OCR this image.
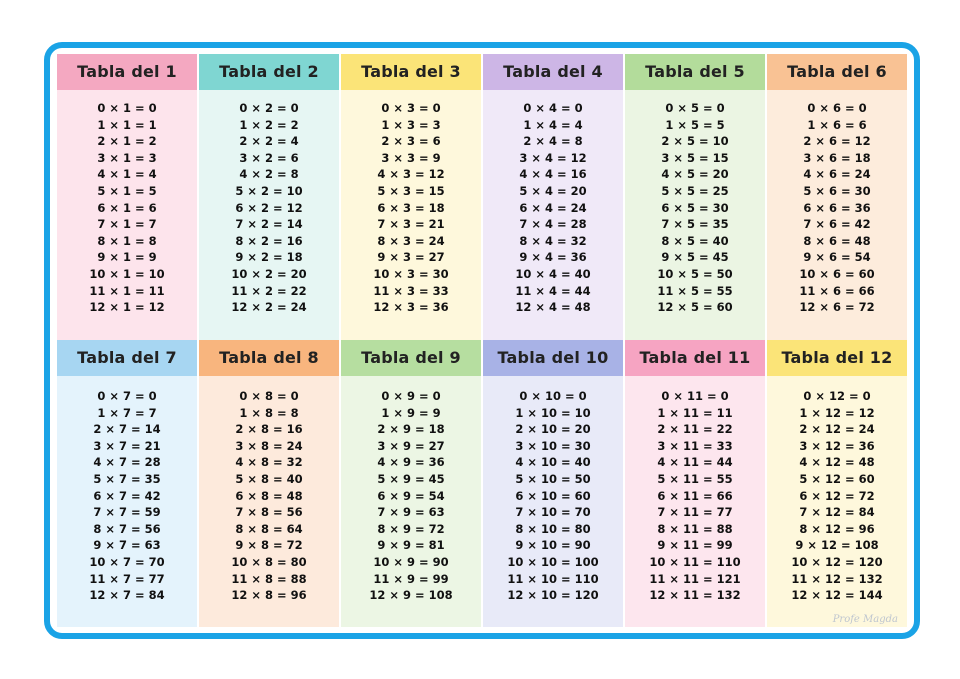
Tabla del 1
0 × 1 = 0
1 × 1 = 1
2 × 1 = 2
3 × 1 = 3
4 × 1 = 4
5 × 1 = 5
6 × 1 = 6
7 × 1 = 7
8 × 1 = 8
9 × 1 = 9
10 × 1 = 10
11 × 1 = 11
12 × 1 = 12
Tabla del 2
0 × 2 = 0
1 × 2 = 2
2 × 2 = 4
3 × 2 = 6
4 × 2 = 8
5 × 2 = 10
6 × 2 = 12
7 × 2 = 14
8 × 2 = 16
9 × 2 = 18
10 × 2 = 20
11 × 2 = 22
12 × 2 = 24
Tabla del 3
0 × 3 = 0
1 × 3 = 3
2 × 3 = 6
3 × 3 = 9
4 × 3 = 12
5 × 3 = 15
6 × 3 = 18
7 × 3 = 21
8 × 3 = 24
9 × 3 = 27
10 × 3 = 30
11 × 3 = 33
12 × 3 = 36
Tabla del 4
0 × 4 = 0
1 × 4 = 4
2 × 4 = 8
3 × 4 = 12
4 × 4 = 16
5 × 4 = 20
6 × 4 = 24
7 × 4 = 28
8 × 4 = 32
9 × 4 = 36
10 × 4 = 40
11 × 4 = 44
12 × 4 = 48
Tabla del 5
0 × 5 = 0
1 × 5 = 5
2 × 5 = 10
3 × 5 = 15
4 × 5 = 20
5 × 5 = 25
6 × 5 = 30
7 × 5 = 35
8 × 5 = 40
9 × 5 = 45
10 × 5 = 50
11 × 5 = 55
12 × 5 = 60
Tabla del 6
0 × 6 = 0
1 × 6 = 6
2 × 6 = 12
3 × 6 = 18
4 × 6 = 24
5 × 6 = 30
6 × 6 = 36
7 × 6 = 42
8 × 6 = 48
9 × 6 = 54
10 × 6 = 60
11 × 6 = 66
12 × 6 = 72
Tabla del 7
0 × 7 = 0
1 × 7 = 7
2 × 7 = 14
3 × 7 = 21
4 × 7 = 28
5 × 7 = 35
6 × 7 = 42
7 × 7 = 59
8 × 7 = 56
9 × 7 = 63
10 × 7 = 70
11 × 7 = 77
12 × 7 = 84
Tabla del 8
0 × 8 = 0
1 × 8 = 8
2 × 8 = 16
3 × 8 = 24
4 × 8 = 32
5 × 8 = 40
6 × 8 = 48
7 × 8 = 56
8 × 8 = 64
9 × 8 = 72
10 × 8 = 80
11 × 8 = 88
12 × 8 = 96
Tabla del 9
0 × 9 = 0
1 × 9 = 9
2 × 9 = 18
3 × 9 = 27
4 × 9 = 36
5 × 9 = 45
6 × 9 = 54
7 × 9 = 63
8 × 9 = 72
9 × 9 = 81
10 × 9 = 90
11 × 9 = 99
12 × 9 = 108
Tabla del 10
0 × 10 = 0
1 × 10 = 10
2 × 10 = 20
3 × 10 = 30
4 × 10 = 40
5 × 10 = 50
6 × 10 = 60
7 × 10 = 70
8 × 10 = 80
9 × 10 = 90
10 × 10 = 100
11 × 10 = 110
12 × 10 = 120
Tabla del 11
0 × 11 = 0
1 × 11 = 11
2 × 11 = 22
3 × 11 = 33
4 × 11 = 44
5 × 11 = 55
6 × 11 = 66
7 × 11 = 77
8 × 11 = 88
9 × 11 = 99
10 × 11 = 110
11 × 11 = 121
12 × 11 = 132
Tabla del 12
0 × 12 = 0
1 × 12 = 12
2 × 12 = 24
3 × 12 = 36
4 × 12 = 48
5 × 12 = 60
6 × 12 = 72
7 × 12 = 84
8 × 12 = 96
9 × 12 = 108
10 × 12 = 120
11 × 12 = 132
12 × 12 = 144
Profe Magda
